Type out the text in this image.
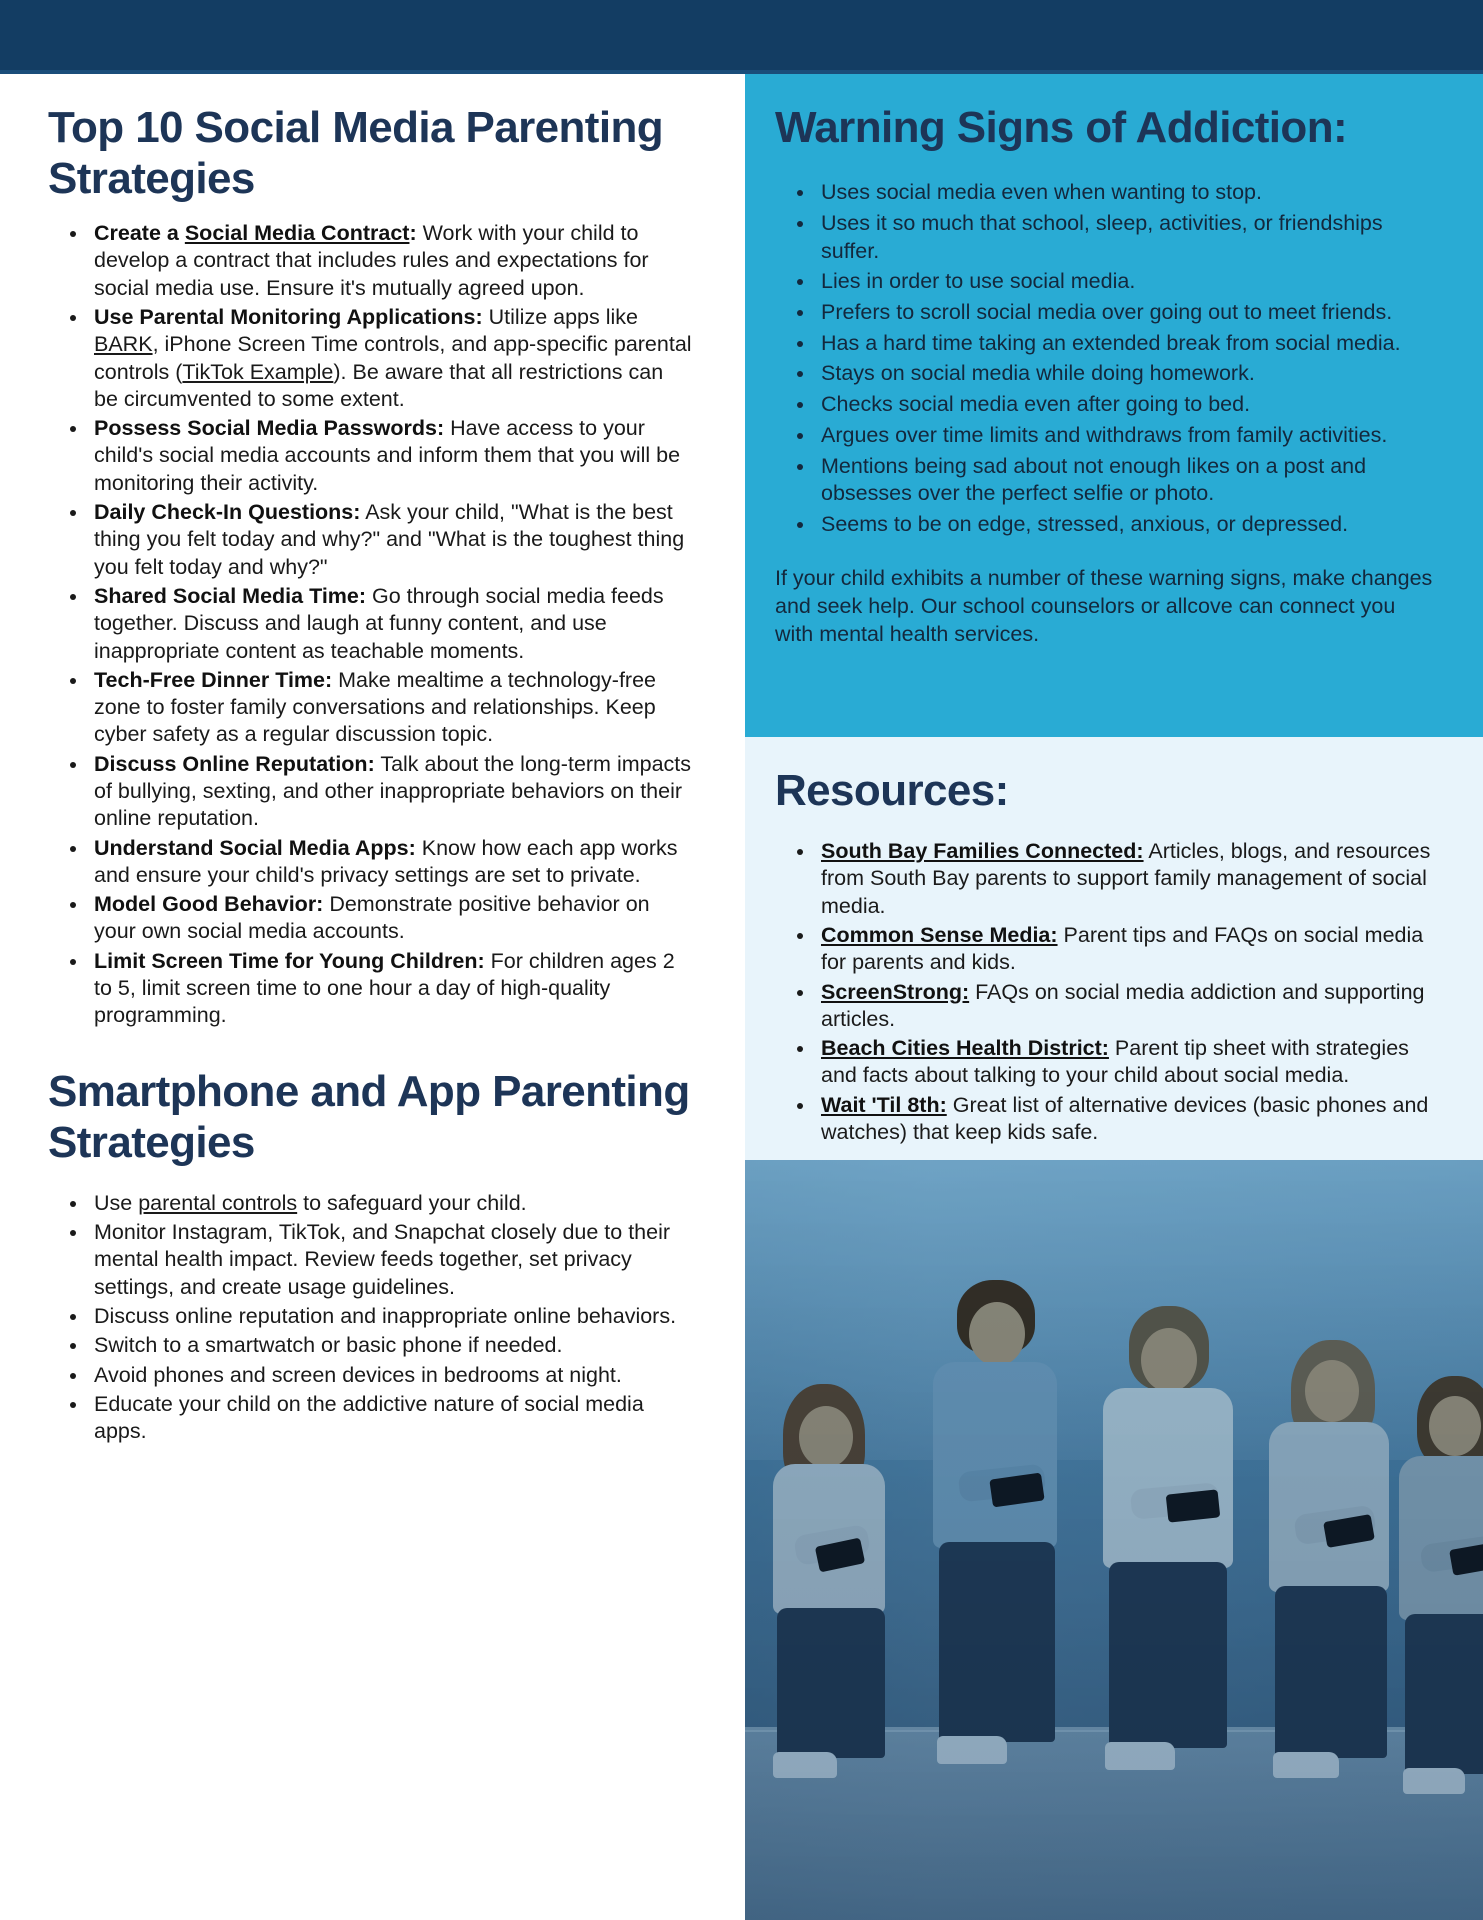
Top 10 Social Media Parenting Strategies
Create a Social Media Contract: Work with your child to develop a contract that includes rules and expectations for social media use. Ensure it's mutually agreed upon.
Use Parental Monitoring Applications: Utilize apps like BARK, iPhone Screen Time controls, and app-specific parental controls (TikTok Example). Be aware that all restrictions can be circumvented to some extent.
Possess Social Media Passwords: Have access to your child's social media accounts and inform them that you will be monitoring their activity.
Daily Check-In Questions: Ask your child, "What is the best thing you felt today and why?" and "What is the toughest thing you felt today and why?"
Shared Social Media Time: Go through social media feeds together. Discuss and laugh at funny content, and use inappropriate content as teachable moments.
Tech-Free Dinner Time: Make mealtime a technology-free zone to foster family conversations and relationships. Keep cyber safety as a regular discussion topic.
Discuss Online Reputation: Talk about the long-term impacts of bullying, sexting, and other inappropriate behaviors on their online reputation.
Understand Social Media Apps: Know how each app works and ensure your child's privacy settings are set to private.
Model Good Behavior: Demonstrate positive behavior on your own social media accounts.
Limit Screen Time for Young Children: For children ages 2 to 5, limit screen time to one hour a day of high-quality programming.
Smartphone and App Parenting Strategies
Use parental controls to safeguard your child.
Monitor Instagram, TikTok, and Snapchat closely due to their mental health impact. Review feeds together, set privacy settings, and create usage guidelines.
Discuss online reputation and inappropriate online behaviors.
Switch to a smartwatch or basic phone if needed.
Avoid phones and screen devices in bedrooms at night.
Educate your child on the addictive nature of social media apps.
Warning Signs of Addiction:
Uses social media even when wanting to stop.
Uses it so much that school, sleep, activities, or friendships suffer.
Lies in order to use social media.
Prefers to scroll social media over going out to meet friends.
Has a hard time taking an extended break from social media.
Stays on social media while doing homework.
Checks social media even after going to bed.
Argues over time limits and withdraws from family activities.
Mentions being sad about not enough likes on a post and obsesses over the perfect selfie or photo.
Seems to be on edge, stressed, anxious, or depressed.

If your child exhibits a number of these warning signs, make changes and seek help. Our school counselors or allcove can connect you with mental health services.

Resources:
South Bay Families Connected: Articles, blogs, and resources from South Bay parents to support family management of social media.
Common Sense Media: Parent tips and FAQs on social media for parents and kids.
ScreenStrong: FAQs on social media addiction and supporting articles.
Beach Cities Health District: Parent tip sheet with strategies and facts about talking to your child about social media.
Wait 'Til 8th: Great list of alternative devices (basic phones and watches) that keep kids safe.
